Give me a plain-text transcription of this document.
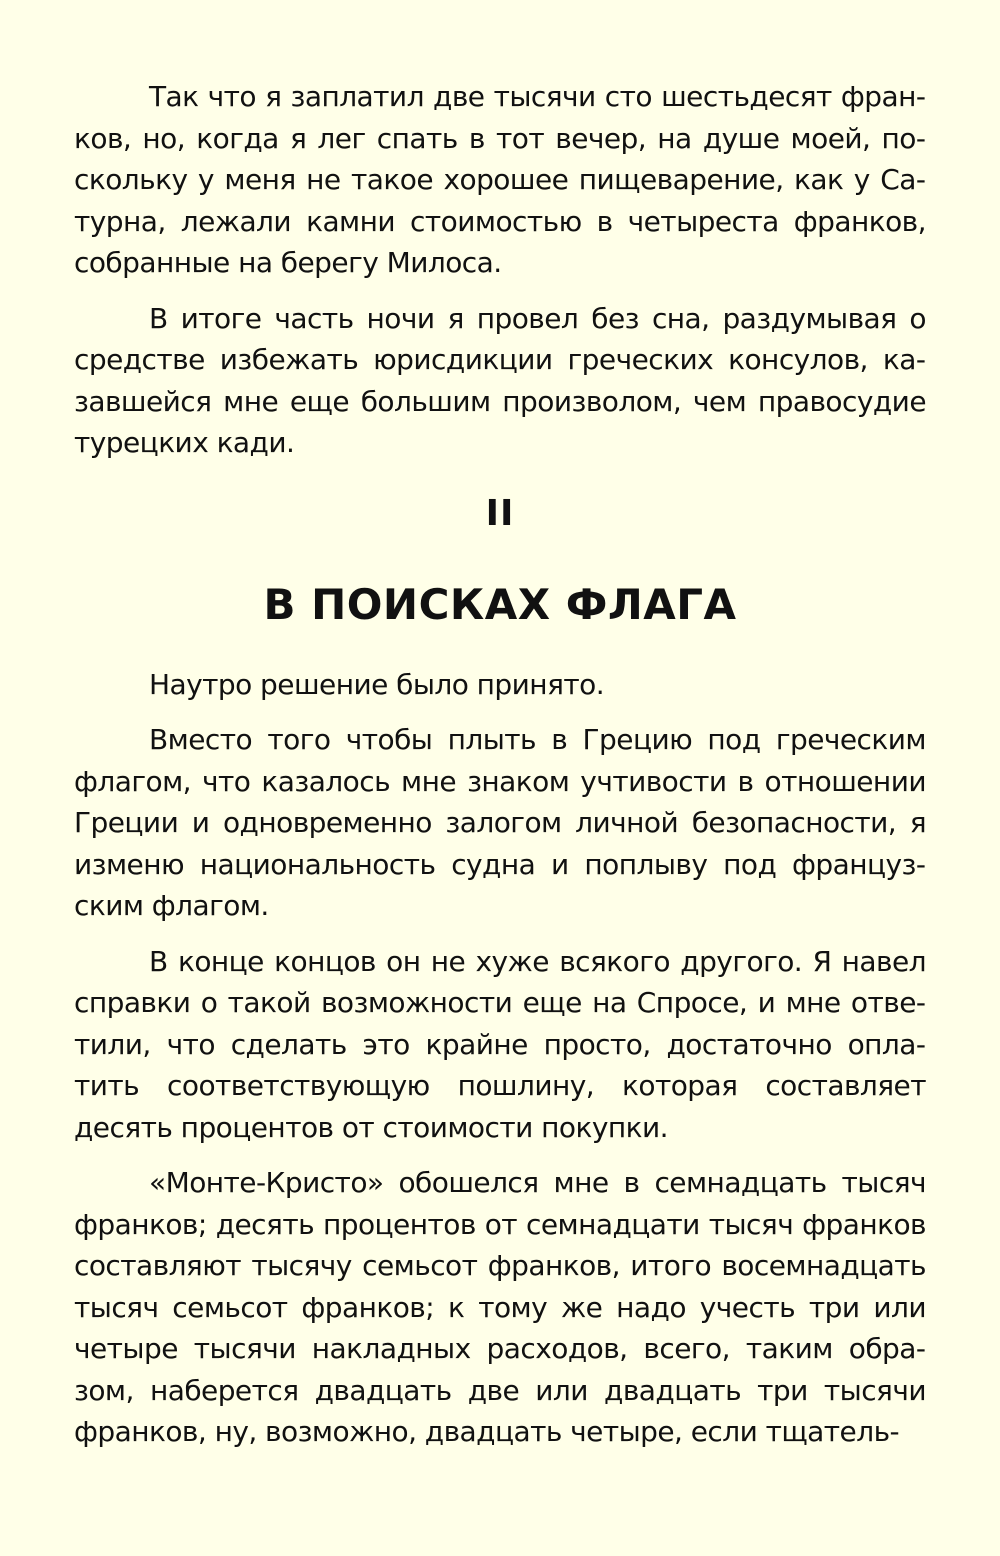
Так что я заплатил две тысячи сто шестьдесят франков, но, когда я лег спать в тот вечер, на душе моей, поскольку у меня не такое хорошее пищеварение, как у Сатурна, лежали камни стоимостью в четыреста франков, собранные на берегу Милоса.

В итоге часть ночи я провел без сна, раздумывая о средстве избежать юрисдикции греческих консулов, казавшейся мне еще большим произволом, чем правосудие турецких кади.

II
В ПОИСКАХ ФЛАГА

Наутро решение было принято.

Вместо того чтобы плыть в Грецию под греческим флагом, что казалось мне знаком учтивости в отношении Греции и одновременно залогом личной безопасности, я изменю национальность судна и поплыву под французским флагом.

В конце концов он не хуже всякого другого. Я навел справки о такой возможности еще на Спросе, и мне ответили, что сделать это крайне просто, достаточно оплатить соответствующую пошлину, которая составляет десять процентов от стоимости покупки.

«Монте-Кристо» обошелся мне в семнадцать тысяч франков; десять процентов от семнадцати тысяч франков составляют тысячу семьсот франков, итого восемнадцать тысяч семьсот франков; к тому же надо учесть три или четыре тысячи накладных расходов, всего, таким образом, наберется двадцать две или двадцать три тысячи франков, ну, возможно, двадцать четыре, если тщатель-
